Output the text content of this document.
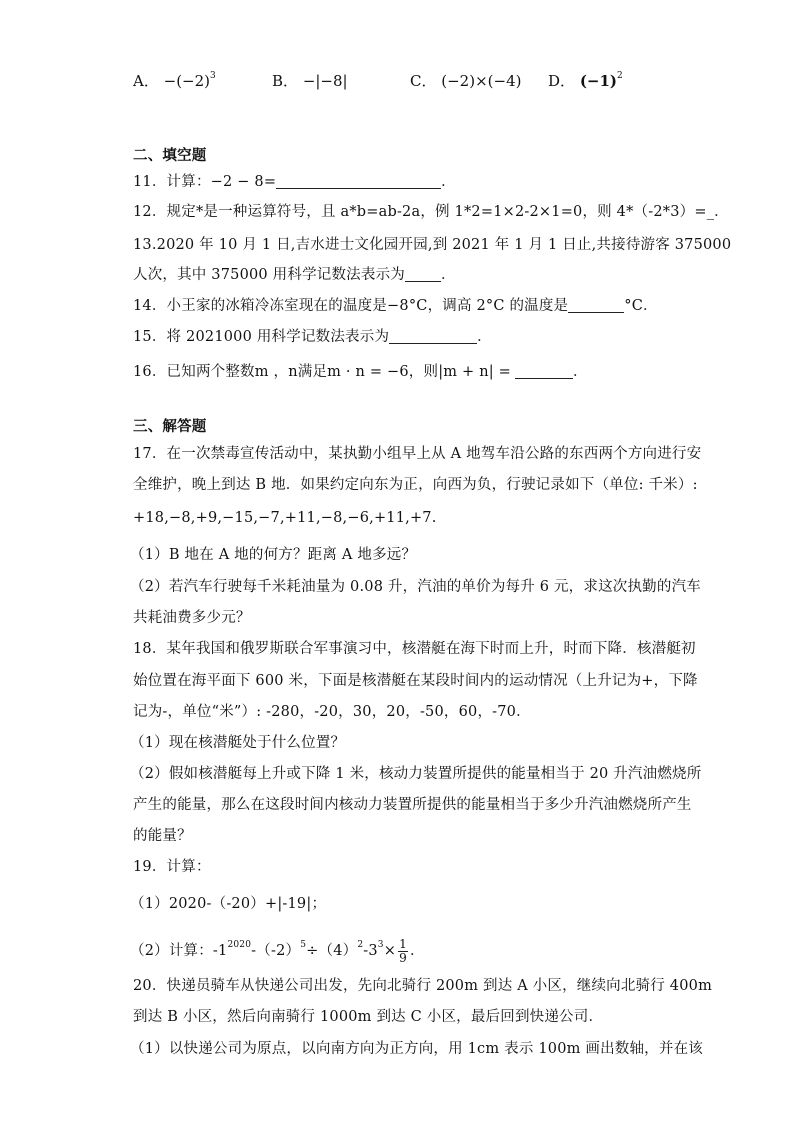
A． $-(-2)^3$	B． −|−8|	C． (−2)×(−4) D． $(-1)^2$
二、填空题
11．计算：−2 − 8=	．
12．规定*是一种运算符号，且 a*b=ab-2a，例 1*2=1×2-2×1=0，则 4*（-2*3）=_．
13.2020 年 10 月 1 日,吉水进士文化园开园,到 2021 年 1 月 1 日止,共接待游客 375000
人次，其中 375000 用科学记数法表示为 ．
14．小王家的冰箱冷冻室现在的温度是−8°C，调高 2°C 的温度是	°C．
15．将 2021000 用科学记数法表示为	．
16．已知两个整数m ，n满足m · n = −6，则|m + n| =	．
三、解答题
17．在一次禁毒宣传活动中，某执勤小组早上从 A 地驾车沿公路的东西两个方向进行安
全维护，晚上到达 B 地．如果约定向东为正，向西为负，行驶记录如下（单位: 千米）:
+18,−8,+9,−15,−7,+11,−8,−6,+11,+7.
（1）B 地在 A 地的何方？距离 A 地多远？
（2）若汽车行驶每千米耗油量为 0.08 升，汽油的单价为每升 6 元，求这次执勤的汽车
共耗油费多少元？
18．某年我国和俄罗斯联合军事演习中，核潜艇在海下时而上升，时而下降．核潜艇初
始位置在海平面下 600 米，下面是核潜艇在某段时间内的运动情况（上升记为+，下降
记为-，单位“米”）: -280，-20，30，20，-50，60，-70．
（1）现在核潜艇处于什么位置？
（2）假如核潜艇每上升或下降 1 米，核动力装置所提供的能量相当于 20 升汽油燃烧所
产生的能量，那么在这段时间内核动力装置所提供的能量相当于多少升汽油燃烧所产生
的能量？
19．计算：
（1）2020-（-20）+|-19|；
（2）计算：$-1^{2020}-(-2)^5\div(4)^2-3^3\times \frac{1}{9}$ ．
20．快递员骑车从快递公司出发，先向北骑行 200m 到达 A 小区，继续向北骑行 400m
到达 B 小区，然后向南骑行 1000m 到达 C 小区，最后回到快递公司．
（1）以快递公司为原点，以向南方向为正方向，用 1cm 表示 100m 画出数轴，并在该
